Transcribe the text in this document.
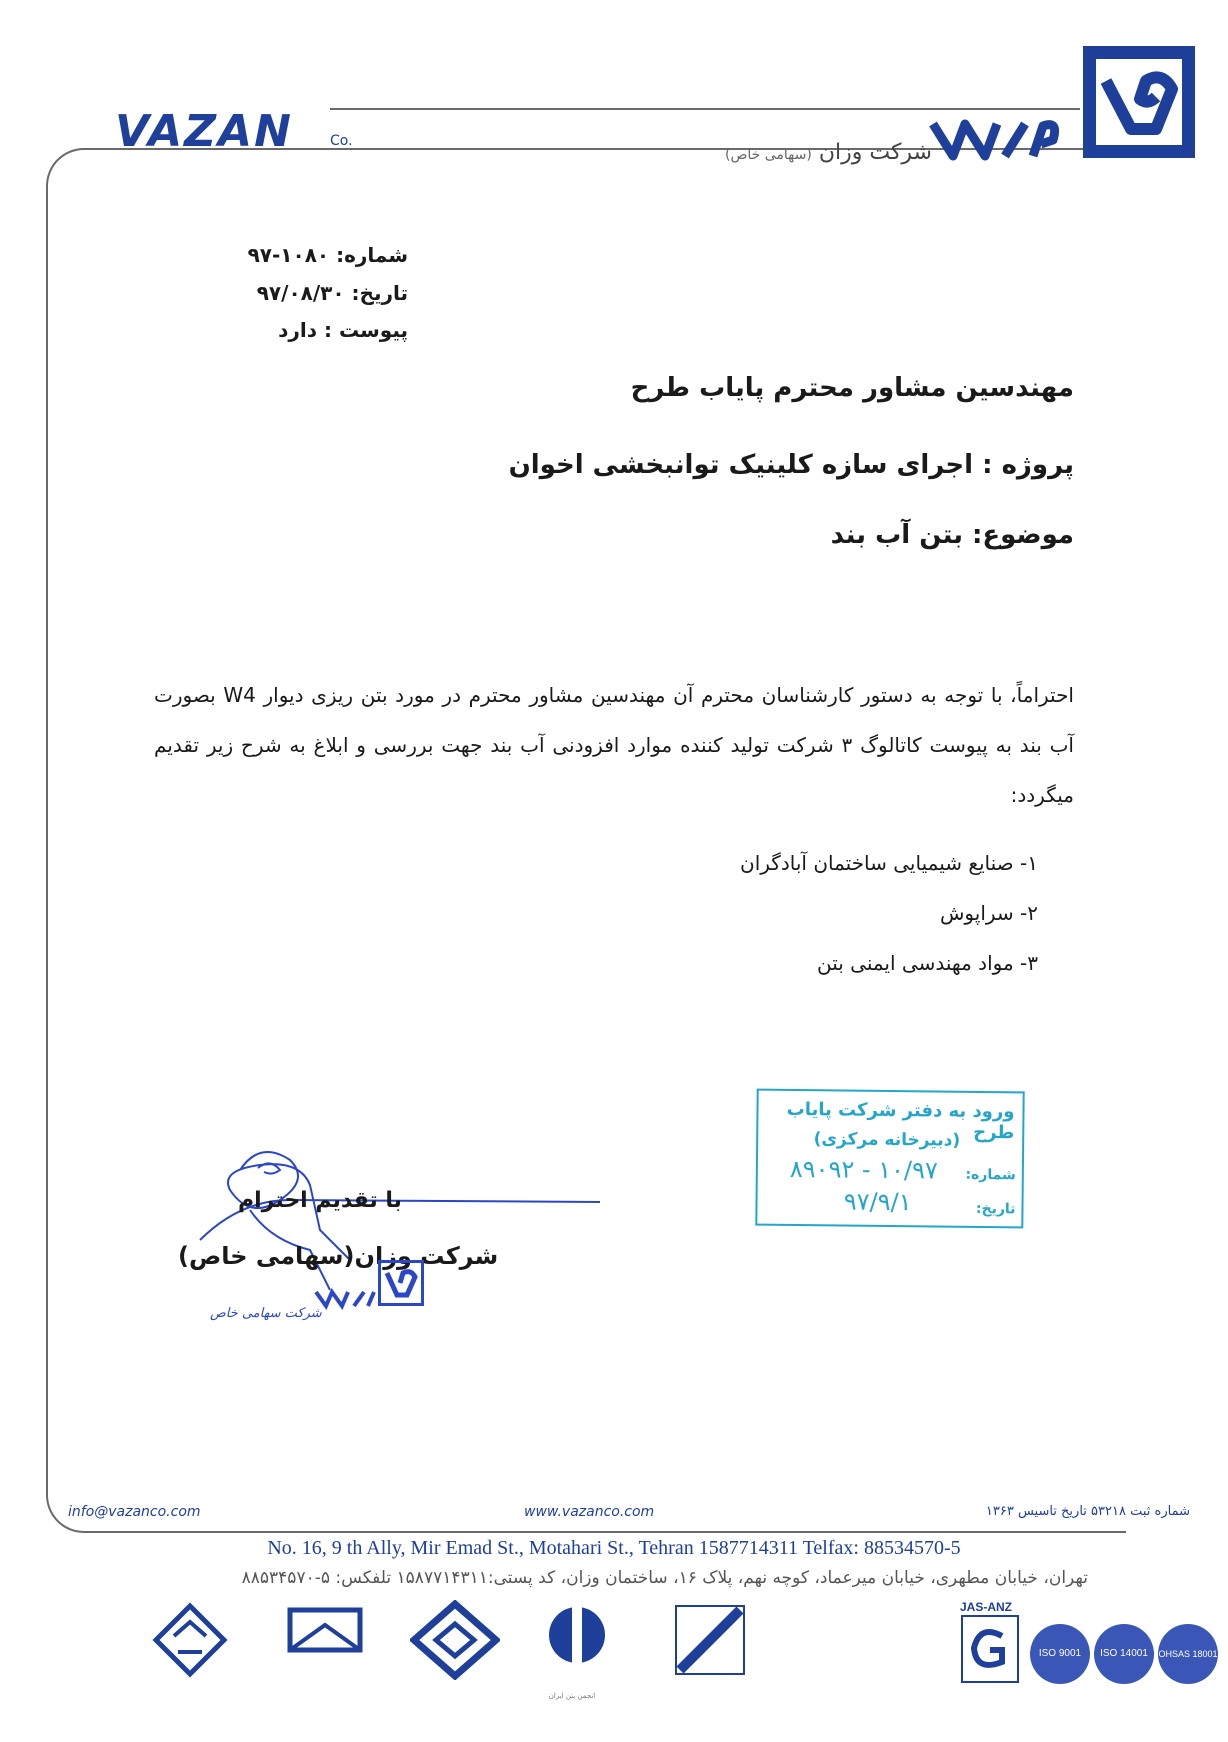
VAZAN	Co.	شرکت وزان (سهامی خاص)
شماره: ۱۰۸۰-۹۷
تاریخ: ۹۷/۰۸/۳۰
پیوست : دارد
مهندسین مشاور محترم پایاب طرح
پروژه : اجرای سازه کلینیک توانبخشی اخوان
موضوع: بتن آب بند
احتراماً، با توجه به دستور کارشناسان محترم آن مهندسین مشاور محترم در مورد بتن ریزی دیوار W4 بصورت آب بند به پیوست کاتالوگ ۳ شرکت تولید کننده موارد افزودنی آب بند جهت بررسی و ابلاغ به شرح زیر تقدیم میگردد:
۱- صنایع شیمیایی ساختمان آبادگران
۲- سراپوش
۳- مواد مهندسی ایمنی بتن
ورود به دفتر شرکت پایاب طرح
(دبیرخانه مرکزی)
شماره:
۱۰/۹۷ - ۸۹۰۹۲
تاریخ:
۹۷/۹/۱
با تقدیم احترام
شرکت وزان(سهامی خاص)
شرکت سهامی خاص
info@vazanco.com	www.vazanco.com	شماره ثبت ۵۳۲۱۸ تاریخ تاسیس ۱۳۶۳
No. 16, 9 th Ally, Mir Emad St., Motahari St., Tehran 1587714311 Telfax: 88534570-5
تهران، خیابان مطهری، خیابان میرعماد، کوچه نهم، پلاک ۱۶، ساختمان وزان، کد پستی:۱۵۸۷۷۱۴۳۱۱ تلفکس: ۵-۸۸۵۳۴۵۷۰
انجمن بتن ایران
JAS-ANZ
ISO 9001	ISO 14001	OHSAS 18001
